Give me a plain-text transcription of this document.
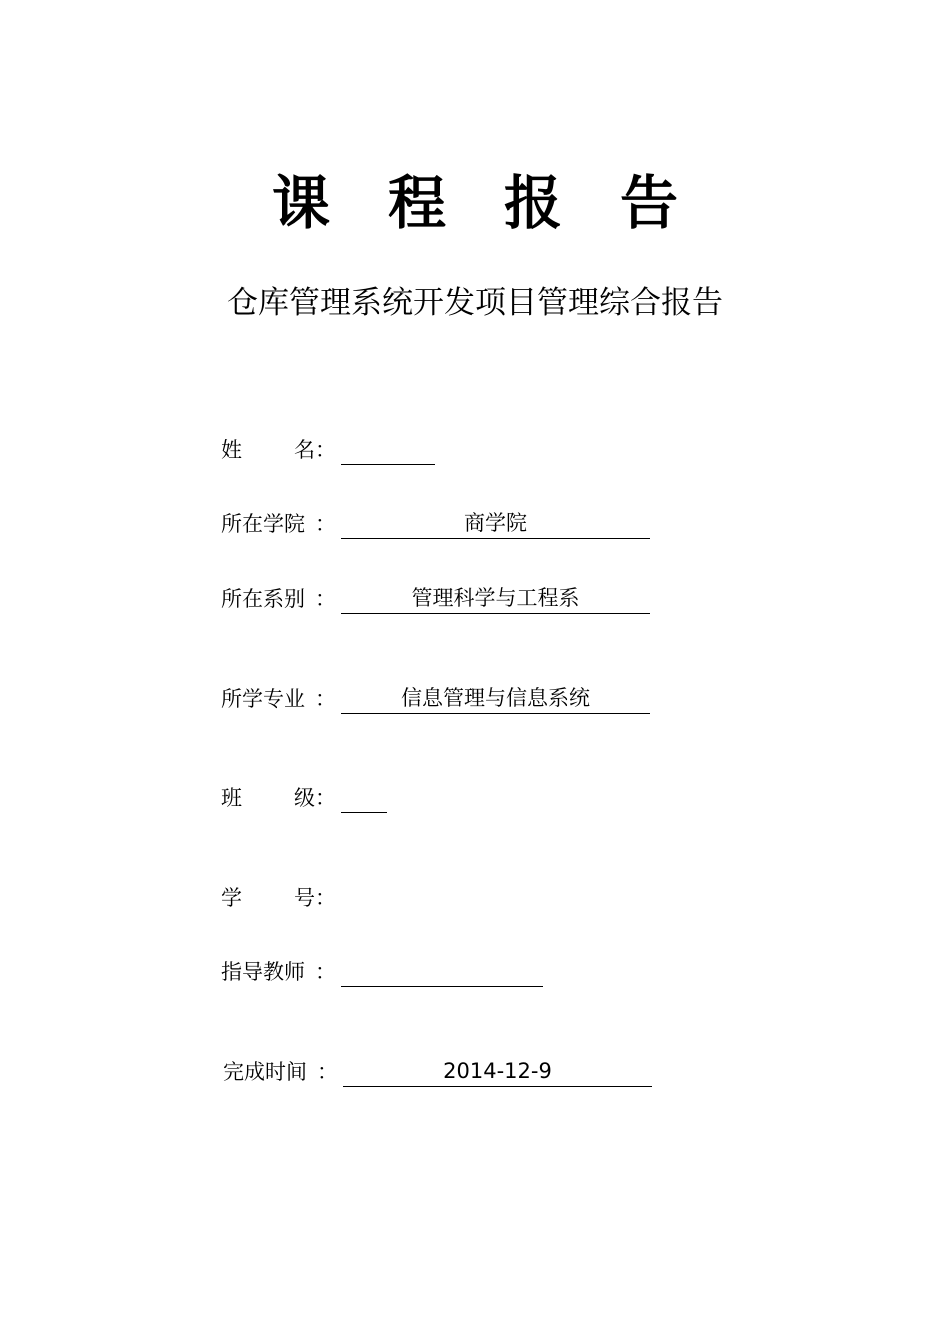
课程报告
仓库管理系统开发项目管理综合报告
姓 名 ：
所在学院 ：	商学院
所在系别 ：	管理科学与工程系
所学专业 ：	信息管理与信息系统
班 级 ：
学 号 ：
指导教师 ：
完成时间 ：	2014-12-9
